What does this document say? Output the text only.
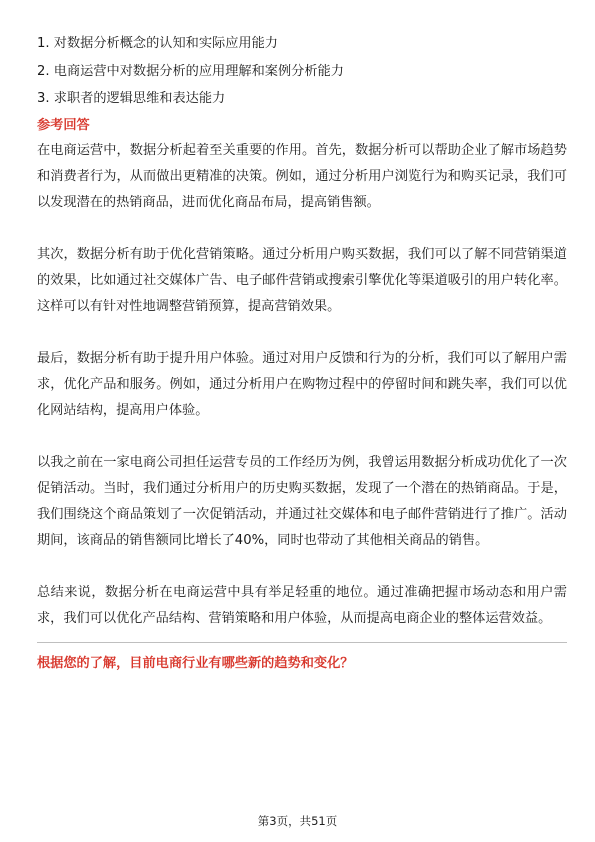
1. 对数据分析概念的认知和实际应用能力

2. 电商运营中对数据分析的应用理解和案例分析能力

3. 求职者的逻辑思维和表达能力

参考回答

在电商运营中，数据分析起着至关重要的作用。首先，数据分析可以帮助企业了解市场趋势和消费者行为，从而做出更精准的决策。例如，通过分析用户浏览行为和购买记录，我们可以发现潜在的热销商品，进而优化商品布局，提高销售额。

其次，数据分析有助于优化营销策略。通过分析用户购买数据，我们可以了解不同营销渠道的效果，比如通过社交媒体广告、电子邮件营销或搜索引擎优化等渠道吸引的用户转化率。这样可以有针对性地调整营销预算，提高营销效果。

最后，数据分析有助于提升用户体验。通过对用户反馈和行为的分析，我们可以了解用户需求，优化产品和服务。例如，通过分析用户在购物过程中的停留时间和跳失率，我们可以优化网站结构，提高用户体验。

以我之前在一家电商公司担任运营专员的工作经历为例，我曾运用数据分析成功优化了一次促销活动。当时，我们通过分析用户的历史购买数据，发现了一个潜在的热销商品。于是，我们围绕这个商品策划了一次促销活动，并通过社交媒体和电子邮件营销进行了推广。活动期间，该商品的销售额同比增长了40%，同时也带动了其他相关商品的销售。

总结来说，数据分析在电商运营中具有举足轻重的地位。通过准确把握市场动态和用户需求，我们可以优化产品结构、营销策略和用户体验，从而提高电商企业的整体运营效益。

根据您的了解，目前电商行业有哪些新的趋势和变化？

第3页，共51页
